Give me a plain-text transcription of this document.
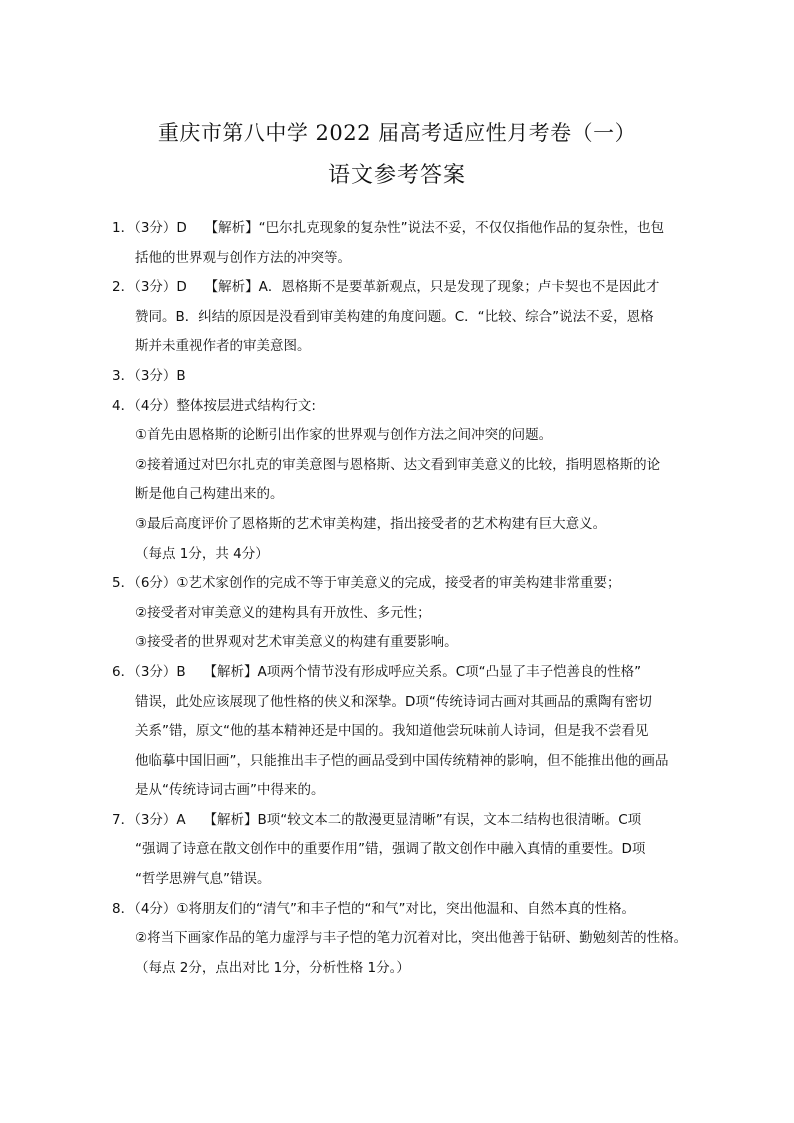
重庆市第八中学 2022 届高考适应性月考卷（一）
语文参考答案
1．（3分）D　 【解析】“巴尔扎克现象的复杂性”说法不妥，不仅仅指他作品的复杂性，也包
括他的世界观与创作方法的冲突等。
2．（3分）D　 【解析】A．恩格斯不是要革新观点，只是发现了现象；卢卡契也不是因此才
赞同。B．纠结的原因是没看到审美构建的角度问题。C．“比较、综合”说法不妥，恩格
斯并未重视作者的审美意图。
3．（3分）B
4．（4分）整体按层进式结构行文:
①首先由恩格斯的论断引出作家的世界观与创作方法之间冲突的问题。
②接着通过对巴尔扎克的审美意图与恩格斯、达文看到审美意义的比较，指明恩格斯的论
断是他自己构建出来的。
③最后高度评价了恩格斯的艺术审美构建，指出接受者的艺术构建有巨大意义。
（每点 1分，共 4分）
5．（6分）①艺术家创作的完成不等于审美意义的完成，接受者的审美构建非常重要；
②接受者对审美意义的建构具有开放性、多元性；
③接受者的世界观对艺术审美意义的构建有重要影响。
6．（3分）B　 【解析】A项两个情节没有形成呼应关系。C项“凸显了丰子恺善良的性格”
错误，此处应该展现了他性格的侠义和深挚。D项“传统诗词古画对其画品的熏陶有密切
关系”错，原文“他的基本精神还是中国的。我知道他尝玩味前人诗词，但是我不尝看见
他临摹中国旧画”，只能推出丰子恺的画品受到中国传统精神的影响，但不能推出他的画品
是从“传统诗词古画”中得来的。
7．（3分）A　 【解析】B项“较文本二的散漫更显清晰”有误，文本二结构也很清晰。C项
“强调了诗意在散文创作中的重要作用”错，强调了散文创作中融入真情的重要性。D项
“哲学思辨气息”错误。
8．（4分）①将朋友们的“清气”和丰子恺的“和气”对比，突出他温和、自然本真的性格。
②将当下画家作品的笔力虚浮与丰子恺的笔力沉着对比，突出他善于钻研、勤勉刻苦的性格。
（每点 2分，点出对比 1分，分析性格 1分。）
